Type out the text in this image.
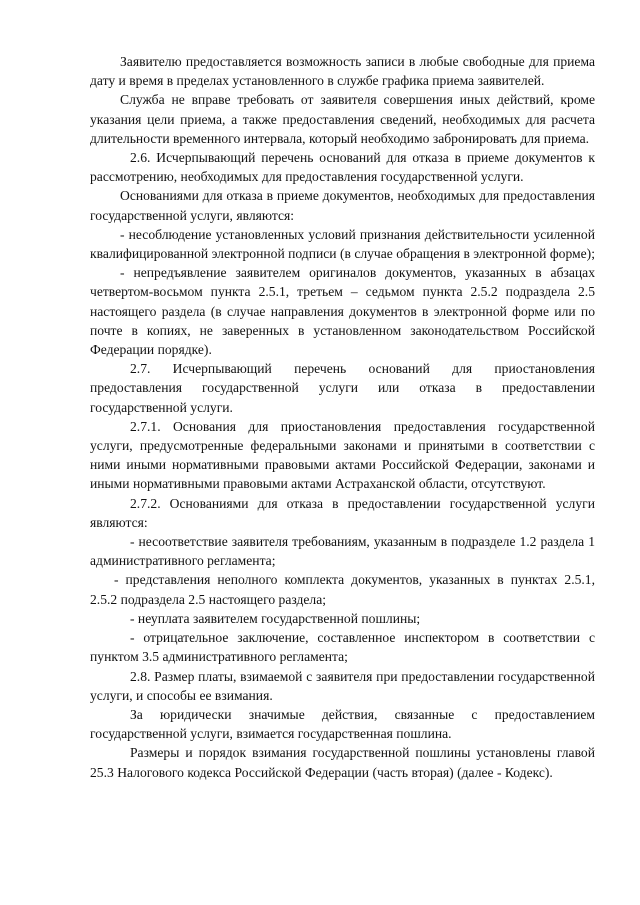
Заявителю предоставляется возможность записи в любые свободные для приема дату и время в пределах установленного в службе графика приема заявителей.

Служба не вправе требовать от заявителя совершения иных действий, кроме указания цели приема, а также предоставления сведений, необходимых для расчета длительности временного интервала, который необходимо забронировать для приема.

2.6. Исчерпывающий перечень оснований для отказа в приеме документов к рассмотрению, необходимых для предоставления государственной услуги.

Основаниями для отказа в приеме документов, необходимых для предоставления государственной услуги, являются:

- несоблюдение установленных условий признания действительности усиленной квалифицированной электронной подписи (в случае обращения в электронной форме);

- непредъявление заявителем оригиналов документов, указанных в абзацах четвертом-восьмом пункта 2.5.1, третьем – седьмом пункта 2.5.2 подраздела 2.5 настоящего раздела (в случае направления документов в электронной форме или по почте в копиях, не заверенных в установленном законодательством Российской Федерации порядке).

2.7. Исчерпывающий перечень оснований для приостановления предоставления государственной услуги или отказа в предоставлении государственной услуги.

2.7.1. Основания для приостановления предоставления государственной услуги, предусмотренные федеральными законами и принятыми в соответствии с ними иными нормативными правовыми актами Российской Федерации, законами и иными нормативными правовыми актами Астраханской области, отсутствуют.

2.7.2. Основаниями для отказа в предоставлении государственной услуги являются:

- несоответствие заявителя требованиям, указанным в подразделе 1.2 раздела 1 административного регламента;

- представления неполного комплекта документов, указанных в пунктах 2.5.1, 2.5.2 подраздела 2.5 настоящего раздела;

- неуплата заявителем государственной пошлины;

- отрицательное заключение, составленное инспектором в соответствии с пунктом 3.5 административного регламента;

2.8. Размер платы, взимаемой с заявителя при предоставлении государственной услуги, и способы ее взимания.

За юридически значимые действия, связанные с предоставлением государственной услуги, взимается государственная пошлина.

Размеры и порядок взимания государственной пошлины установлены главой 25.3 Налогового кодекса Российской Федерации (часть вторая) (далее - Кодекс).
